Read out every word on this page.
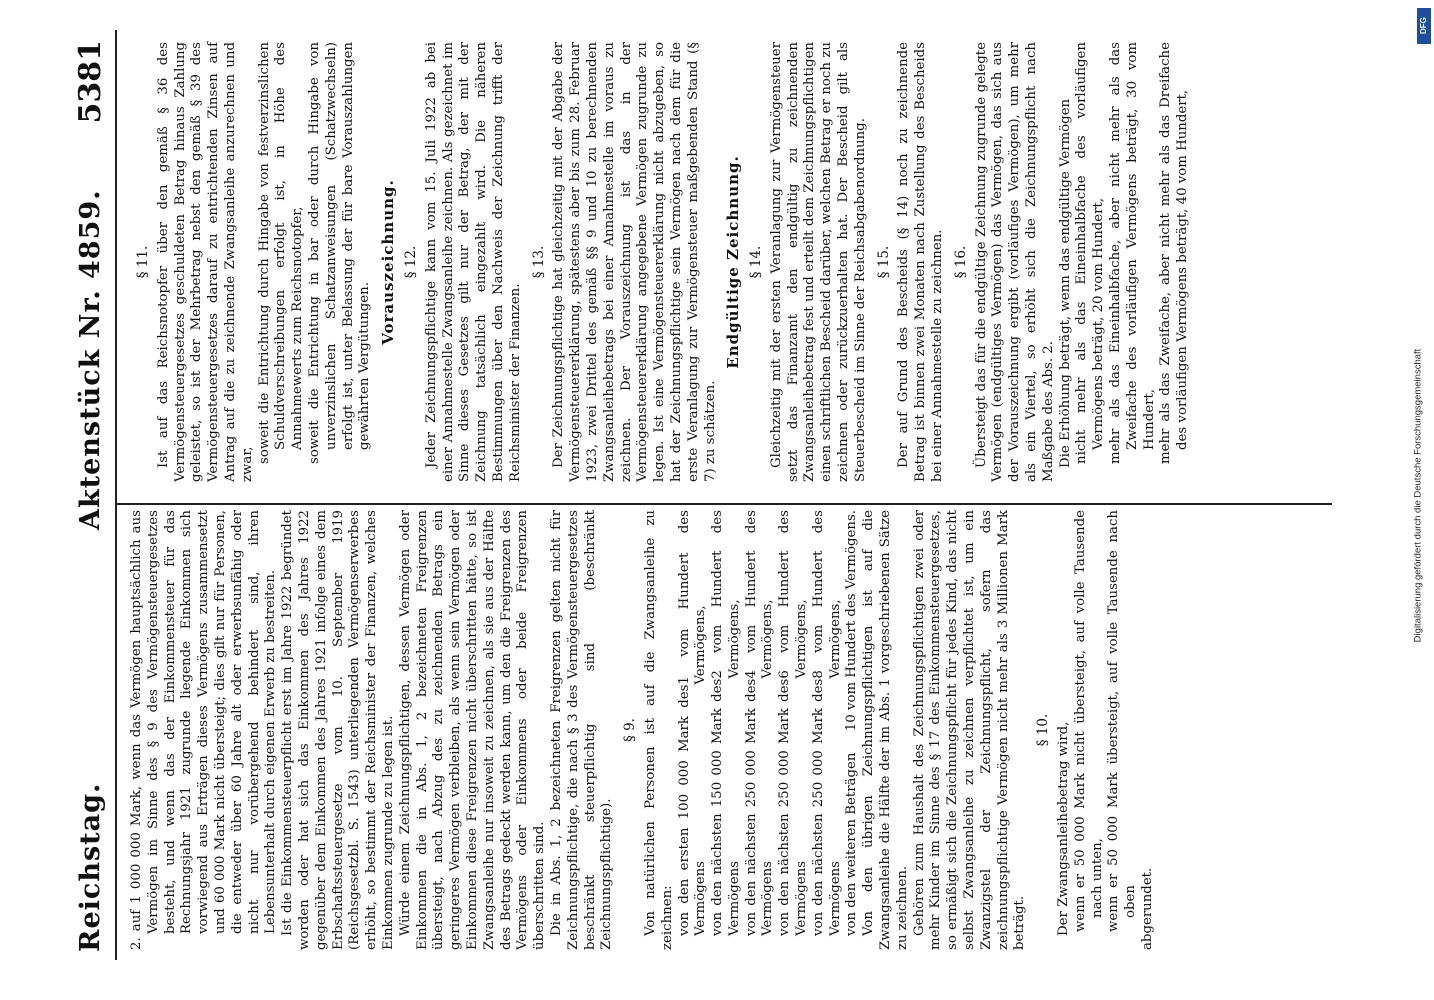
Reichstag.
Aktenstück Nr. 4859.
5381

2. auf 1 000 000 Mark, wenn das Vermögen hauptsächlich aus Vermögen im Sinne des § 9 des Vermögensteuergesetzes besteht, und wenn das der Einkommensteuer für das Rechnungsjahr 1921 zugrunde liegende Einkommen sich vorwiegend aus Erträgen dieses Vermögens zusammensetzt und 60 000 Mark nicht übersteigt; dies gilt nur für Personen, die entweder über 60 Jahre alt oder erwerbsunfähig oder nicht nur vorübergehend behindert sind, ihren Lebensunterhalt durch eigenen Erwerb zu bestreiten. Ist die Einkommensteuerpflicht erst im Jahre 1922 begründet worden oder hat sich das Einkommen des Jahres 1922 gegenüber dem Einkommen des Jahres 1921 infolge eines dem Erbschaftssteuergesetze vom 10. September 1919 (Reichsgesetzbl. S. 1543) unterliegenden Vermögenserwerbes erhöht, so bestimmt der Reichsminister der Finanzen, welches Einkommen zugrunde zu legen ist. Würde einem Zeichnungspflichtigen, dessen Vermögen oder Einkommen die in Abs. 1, 2 bezeichneten Freigrenzen übersteigt, nach Abzug des zu zeichnenden Betrags ein geringeres Vermögen verbleiben, als wenn sein Vermögen oder Einkommen diese Freigrenzen nicht überschritten hätte, so ist Zwangsanleihe nur insoweit zu zeichnen, als sie aus der Hälfte des Betrags gedeckt werden kann, um den die Freigrenzen des Vermögens oder Einkommens oder beide Freigrenzen überschritten sind. Die in Abs. 1, 2 bezeichneten Freigrenzen gelten nicht für Zeichnungspflichtige, die nach § 3 des Vermögensteuergesetzes beschränkt steuerpflichtig sind (beschränkt Zeichnungspflichtige).

§ 9. Von natürlichen Personen ist auf die Zwangsanleihe zu zeichnen: von den ersten 100 000 Mark des Vermögens
1 vom Hundert des Vermögens,
von den nächsten 150 000 Mark des Vermögens
2 vom Hundert des Vermögens,
von den nächsten 250 000 Mark des Vermögens
4 vom Hundert des Vermögens,
von den nächsten 250 000 Mark des Vermögens
6 vom Hundert des Vermögens,
von den nächsten 250 000 Mark des Vermögens
8 vom Hundert des Vermögens,
von den weiteren Beträgen
10 vom Hundert des Vermögens. Von den übrigen Zeichnungspflichtigen ist auf die Zwangsanleihe die Hälfte der im Abs. 1 vorgeschriebenen Sätze zu zeichnen. Gehören zum Haushalt des Zeichnungspflichtigen zwei oder mehr Kinder im Sinne des § 17 des Einkommensteuergesetzes, so ermäßigt sich die Zeichnungspflicht für jedes Kind, das nicht selbst Zwangsanleihe zu zeichnen verpflichtet ist, um ein Zwanzigstel der Zeichnungspflicht, sofern das zeichnungspflichtige Vermögen nicht mehr als 3 Millionen Mark beträgt.

§ 10. Der Zwangsanleihebetrag wird, wenn er 50 000 Mark nicht übersteigt, auf volle Tausende nach unten, wenn er 50 000 Mark übersteigt, auf volle Tausende nach oben abgerundet.

§ 11. Ist auf das Reichsnotopfer über den gemäß § 36 des Vermögensteuergesetzes geschuldeten Betrag hinaus Zahlung geleistet, so ist der Mehrbetrag nebst den gemäß § 39 des Vermögensteuergesetzes darauf zu entrichtenden Zinsen auf Antrag auf die zu zeichnende Zwangsanleihe anzurechnen und zwar,

soweit die Entrichtung durch Hingabe von festverzinslichen Schuldverschreibungen erfolgt ist, in Höhe des Annahmewerts zum Reichsnotopfer, soweit die Entrichtung in bar oder durch Hingabe von unverzinslichen Schatzanweisungen (Schatzwechseln) erfolgt ist, unter Belassung der für bare Vorauszahlungen gewährten Vergütungen.

Vorauszeichnung. § 12. Jeder Zeichnungspflichtige kann vom 15. Juli 1922 ab bei einer Annahmestelle Zwangsanleihe zeichnen. Als gezeichnet im Sinne dieses Gesetzes gilt nur der Betrag, der mit der Zeichnung tatsächlich eingezahlt wird. Die näheren Bestimmungen über den Nachweis der Zeichnung trifft der Reichsminister der Finanzen.

§ 13. Der Zeichnungspflichtige hat gleichzeitig mit der Abgabe der Vermögensteuererklärung, spätestens aber bis zum 28. Februar 1923, zwei Drittel des gemäß §§ 9 und 10 zu berechnenden Zwangsanleihebetrags bei einer Annahmestelle im voraus zu zeichnen. Der Vorauszeichnung ist das in der Vermögensteuererklärung angegebene Vermögen zugrunde zu legen. Ist eine Vermögensteuererklärung nicht abzugeben, so hat der Zeichnungspflichtige sein Vermögen nach dem für die erste Veranlagung zur Vermögensteuer maßgebenden Stand (§ 7) zu schätzen.

Endgültige Zeichnung. § 14. Gleichzeitig mit der ersten Veranlagung zur Vermögensteuer setzt das Finanzamt den endgültig zu zeichnenden Zwangsanleihebetrag fest und erteilt dem Zeichnungspflichtigen einen schriftlichen Bescheid darüber, welchen Betrag er noch zu zeichnen oder zurückzuerhalten hat. Der Bescheid gilt als Steuerbescheid im Sinne der Reichsabgabenordnung. § 15. Der auf Grund des Bescheids (§ 14) noch zu zeichnende Betrag ist binnen zwei Monaten nach Zustellung des Bescheids bei einer Annahmestelle zu zeichnen. § 16. Übersteigt das für die endgültige Zeichnung zugrunde gelegte Vermögen (endgültiges Vermögen) das Vermögen, das sich aus der Vorauszeichnung ergibt (vorläufiges Vermögen), um mehr als ein Viertel, so erhöht sich die Zeichnungspflicht nach Maßgabe des Abs. 2. Die Erhöhung beträgt, wenn das endgültige Vermögen nicht mehr als das Eineinhalbfache des vorläufigen Vermögens beträgt, 20 vom Hundert, mehr als das Eineinhalbfache, aber nicht mehr als das Zweifache des vorläufigen Vermögens beträgt, 30 vom Hundert, mehr als das Zweifache, aber nicht mehr als das Dreifache des vorläufigen Vermögens beträgt, 40 vom Hundert,

DFG
Digitalisierung gefördert durch die Deutsche Forschungsgemeinschaft
